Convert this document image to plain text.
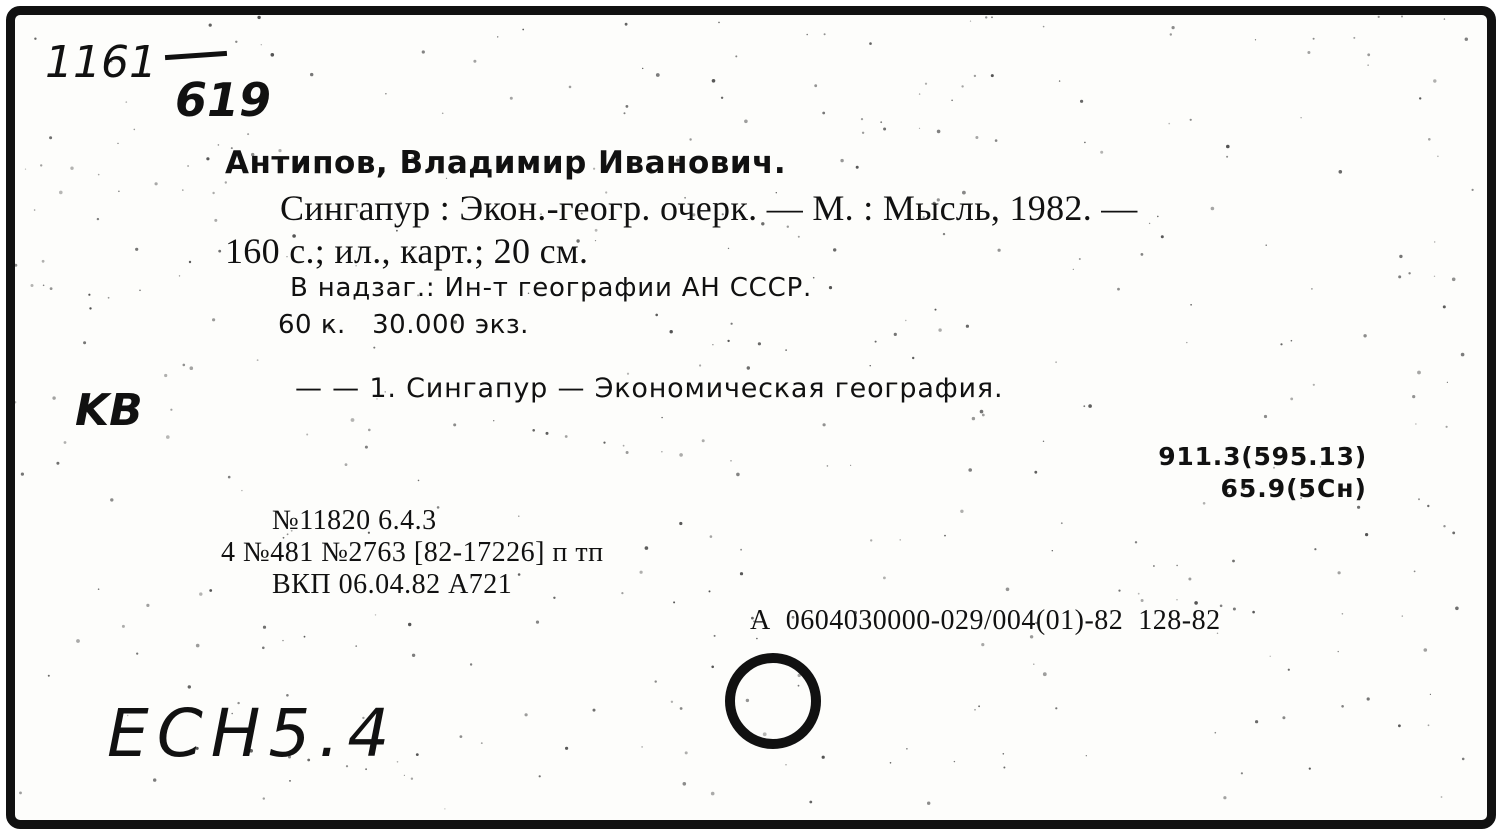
1161
619
KB
ECH5.4
Антипов, Владимир Иванович.
Сингапур : Экон.-геогр. очерк. — М. : Мысль, 1982. —
160 с.; ил., карт.; 20 см.
В надзаг.: Ин-т географии АН СССР.
60 к.   30.000 экз.
— — 1. Сингапур — Экономическая география.
911.3(595.13)
65.9(5Сн)
№11820 6.4.3
4 №481 №2763 [82-17226] п тп
ВКП 06.04.82 А721
А  0604030000-029/004(01)-82  128-82
